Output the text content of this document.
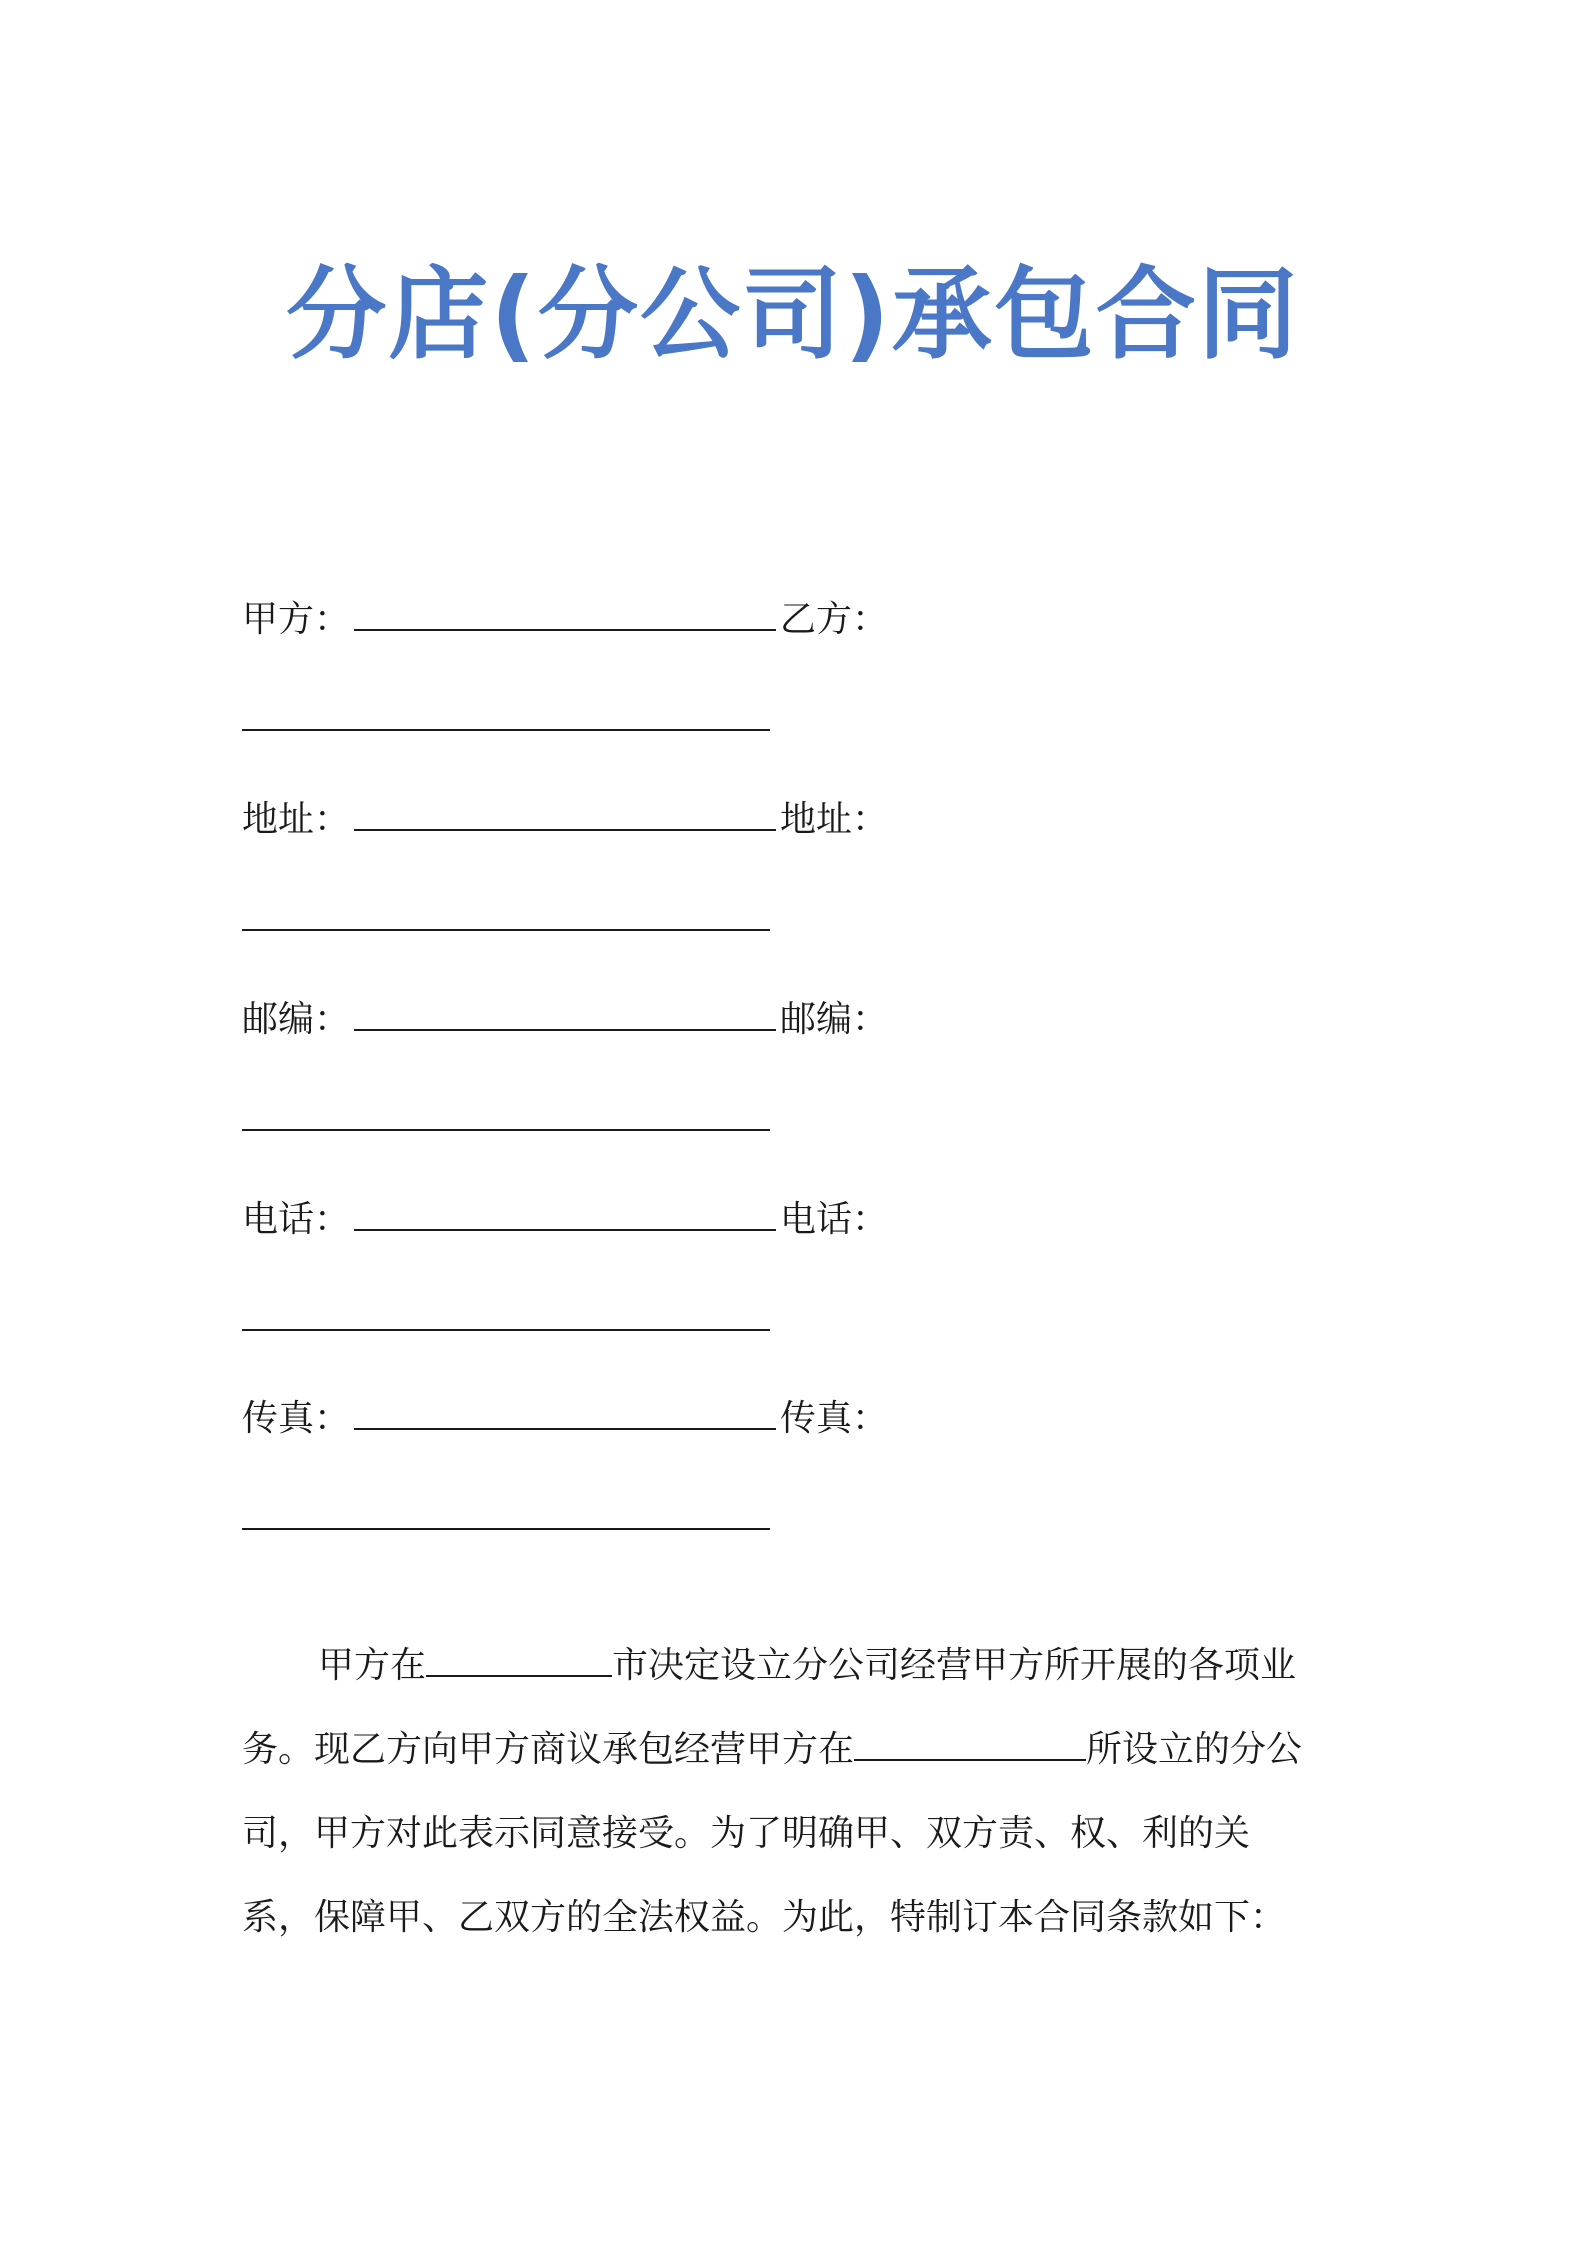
分店(分公司)承包合同
甲方：	乙方：
地址：	地址：
邮编：	邮编：
电话：	电话：
传真：	传真：
甲方在	市决定设立分公司经营甲方所开展的各项业
务。现乙方向甲方商议承包经营甲方在	所设立的分公
司，甲方对此表示同意接受。为了明确甲、双方责、权、利的关
系，保障甲、乙双方的全法权益。为此，特制订本合同条款如下：
